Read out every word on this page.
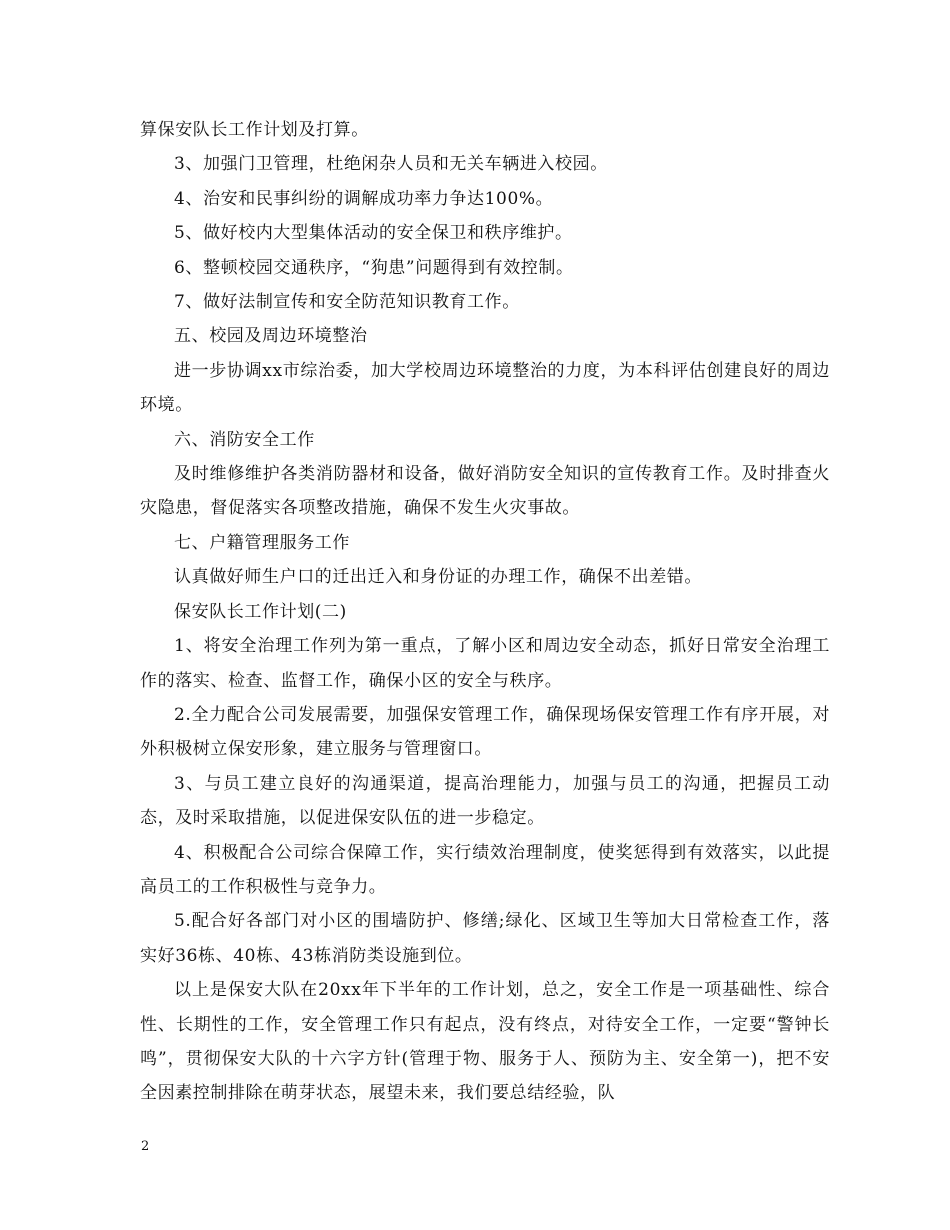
算保安队长工作计划及打算。

3、加强门卫管理，杜绝闲杂人员和无关车辆进入校园。

4、治安和民事纠纷的调解成功率力争达100%。

5、做好校内大型集体活动的安全保卫和秩序维护。

6、整顿校园交通秩序，“狗患”问题得到有效控制。

7、做好法制宣传和安全防范知识教育工作。

五、校园及周边环境整治

进一步协调xx市综治委，加大学校周边环境整治的力度，为本科评估创建良好的周边环境。

六、消防安全工作

及时维修维护各类消防器材和设备，做好消防安全知识的宣传教育工作。及时排查火灾隐患，督促落实各项整改措施，确保不发生火灾事故。

七、户籍管理服务工作

认真做好师生户口的迁出迁入和身份证的办理工作，确保不出差错。

保安队长工作计划(二)

1、将安全治理工作列为第一重点，了解小区和周边安全动态，抓好日常安全治理工作的落实、检查、监督工作，确保小区的安全与秩序。

2.全力配合公司发展需要，加强保安管理工作，确保现场保安管理工作有序开展，对外积极树立保安形象，建立服务与管理窗口。

3、与员工建立良好的沟通渠道，提高治理能力，加强与员工的沟通，把握员工动态，及时采取措施，以促进保安队伍的进一步稳定。

4、积极配合公司综合保障工作，实行绩效治理制度，使奖惩得到有效落实，以此提高员工的工作积极性与竞争力。

5.配合好各部门对小区的围墙防护、修缮;绿化、区域卫生等加大日常检查工作，落实好36栋、40栋、43栋消防类设施到位。

以上是保安大队在20xx年下半年的工作计划，总之，安全工作是一项基础性、综合性、长期性的工作，安全管理工作只有起点，没有终点，对待安全工作，一定要“警钟长鸣”，贯彻保安大队的十六字方针(管理于物、服务于人、预防为主、安全第一)，把不安全因素控制排除在萌芽状态，展望未来，我们要总结经验，队

2
